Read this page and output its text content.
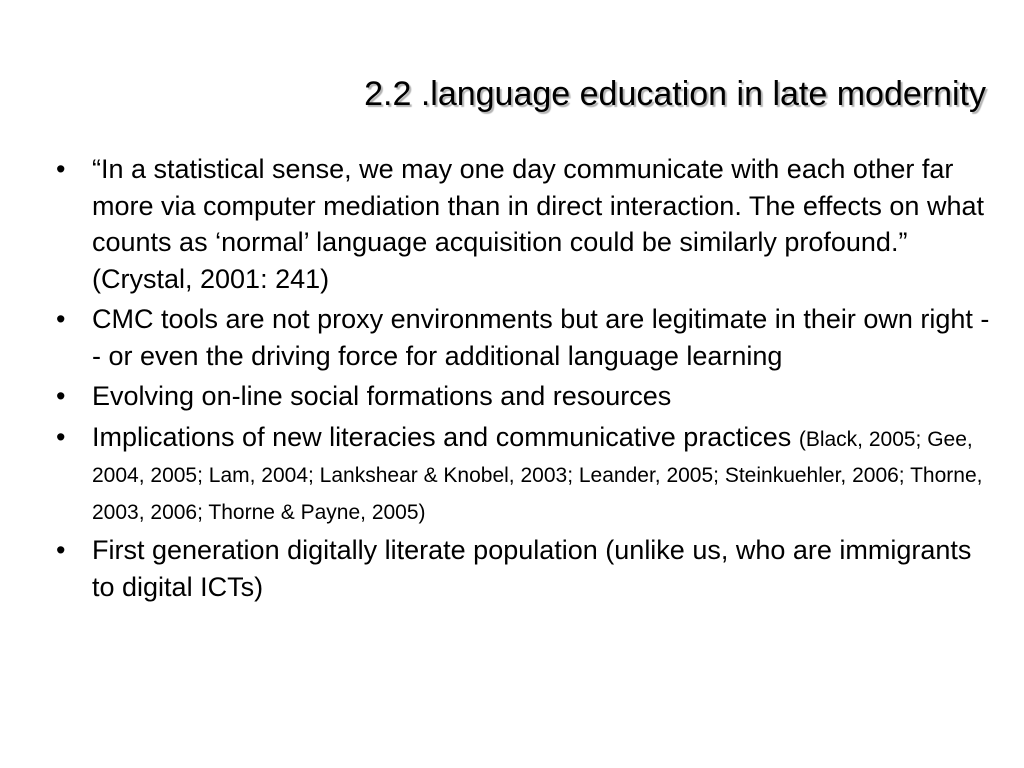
2.2 .language education in late modernity
• “In a statistical sense, we may one day communicate with each other far more via computer mediation than in direct interaction. The effects on what counts as ‘normal’ language acquisition could be similarly profound.” (Crystal, 2001: 241)
• CMC tools are not proxy environments but are legitimate in their own right -- or even the driving force for additional language learning
• Evolving on-line social formations and resources
• Implications of new literacies and communicative practices (Black, 2005; Gee, 2004, 2005; Lam, 2004; Lankshear & Knobel, 2003; Leander, 2005; Steinkuehler, 2006; Thorne, 2003, 2006; Thorne & Payne, 2005)
• First generation digitally literate population (unlike us, who are immigrants to digital ICTs)
